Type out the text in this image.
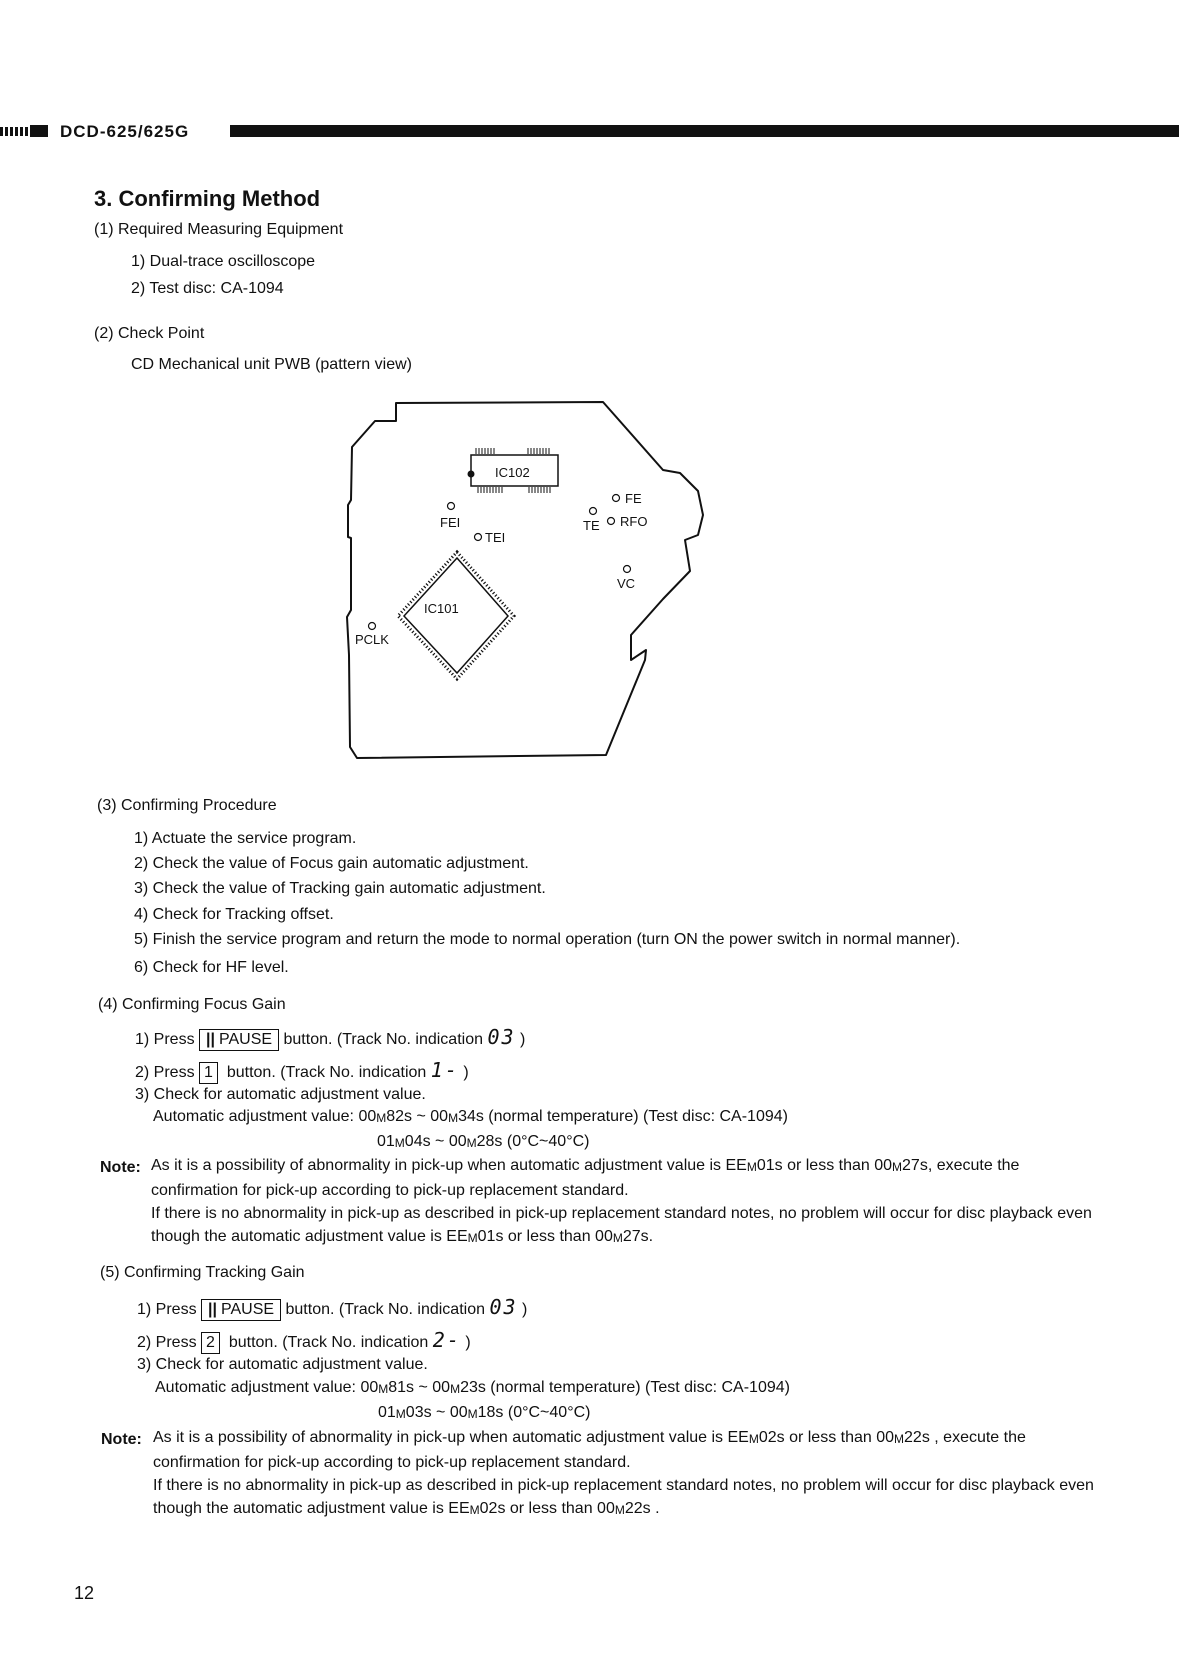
DCD-625/625G
3. Confirming Method
(1) Required Measuring Equipment
1) Dual-trace oscilloscope
2) Test disc: CA-1094
(2) Check Point
CD Mechanical unit PWB (pattern view)
IC102
IC101
FEI
TEI
FE
TE RFO
VC
PCLK
(3) Confirming Procedure
1) Actuate the service program.
2) Check the value of Focus gain automatic adjustment.
3) Check the value of Tracking gain automatic adjustment.
4) Check for Tracking offset.
5) Finish the service program and return the mode to normal operation (turn ON the power switch in normal manner).
6) Check for HF level.
(4) Confirming Focus Gain
1) Press || PAUSE button. (Track No. indication 03 )
2) Press 1 button. (Track No. indication 1- )
3) Check for automatic adjustment value.
Automatic adjustment value: $00_M82s$ ~ $00_M34s$ (normal temperature) (Test disc: CA-1094)
$01_M04s$ ~ $00_M28s$ (0°C~40°C)
Note: As it is a possibility of abnormality in pick-up when automatic adjustment value is $EE_M01s$ or less than $00_M27s$, execute the confirmation for pick-up according to pick-up replacement standard.
If there is no abnormality in pick-up as described in pick-up replacement standard notes, no problem will occur for disc playback even though the automatic adjustment value is $EE_M01s$ or less than $00_M27s$.
(5) Confirming Tracking Gain
1) Press || PAUSE button. (Track No. indication 03 )
2) Press 2 button. (Track No. indication 2- )
3) Check for automatic adjustment value.
Automatic adjustment value: $00_M81s$ ~ $00_M23s$ (normal temperature) (Test disc: CA-1094)
$01_M03s$ ~ $00_M18s$ (0°C~40°C)
Note: As it is a possibility of abnormality in pick-up when automatic adjustment value is $EE_M02s$ or less than $00_M22s$ , execute the confirmation for pick-up according to pick-up replacement standard.
If there is no abnormality in pick-up as described in pick-up replacement standard notes, no problem will occur for disc playback even though the automatic adjustment value is $EE_M02s$ or less than $00_M22s$ .
12
